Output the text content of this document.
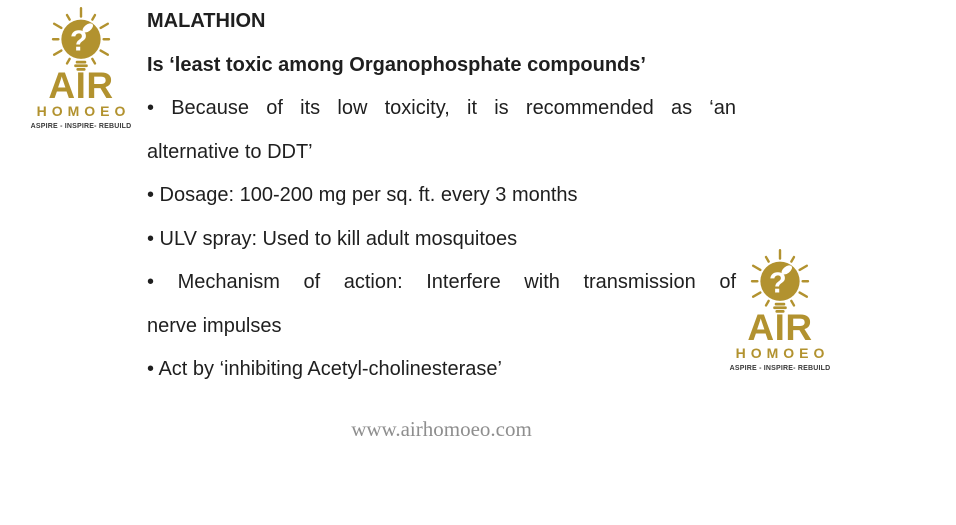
AIR
HOMOEO
ASPIRE - INSPIRE- REBUILD
AIR
HOMOEO
ASPIRE - INSPIRE- REBUILD
MALATHION
Is ‘least toxic among Organophosphate compounds’
• Because of its low toxicity, it is recommended as ‘an
alternative to DDT’
• Dosage: 100-200 mg per sq. ft. every 3 months
• ULV spray: Used to kill adult mosquitoes
• Mechanism of action: Interfere with transmission of
nerve impulses
• Act by ‘inhibiting Acetyl-cholinesterase’
www.airhomoeo.com
